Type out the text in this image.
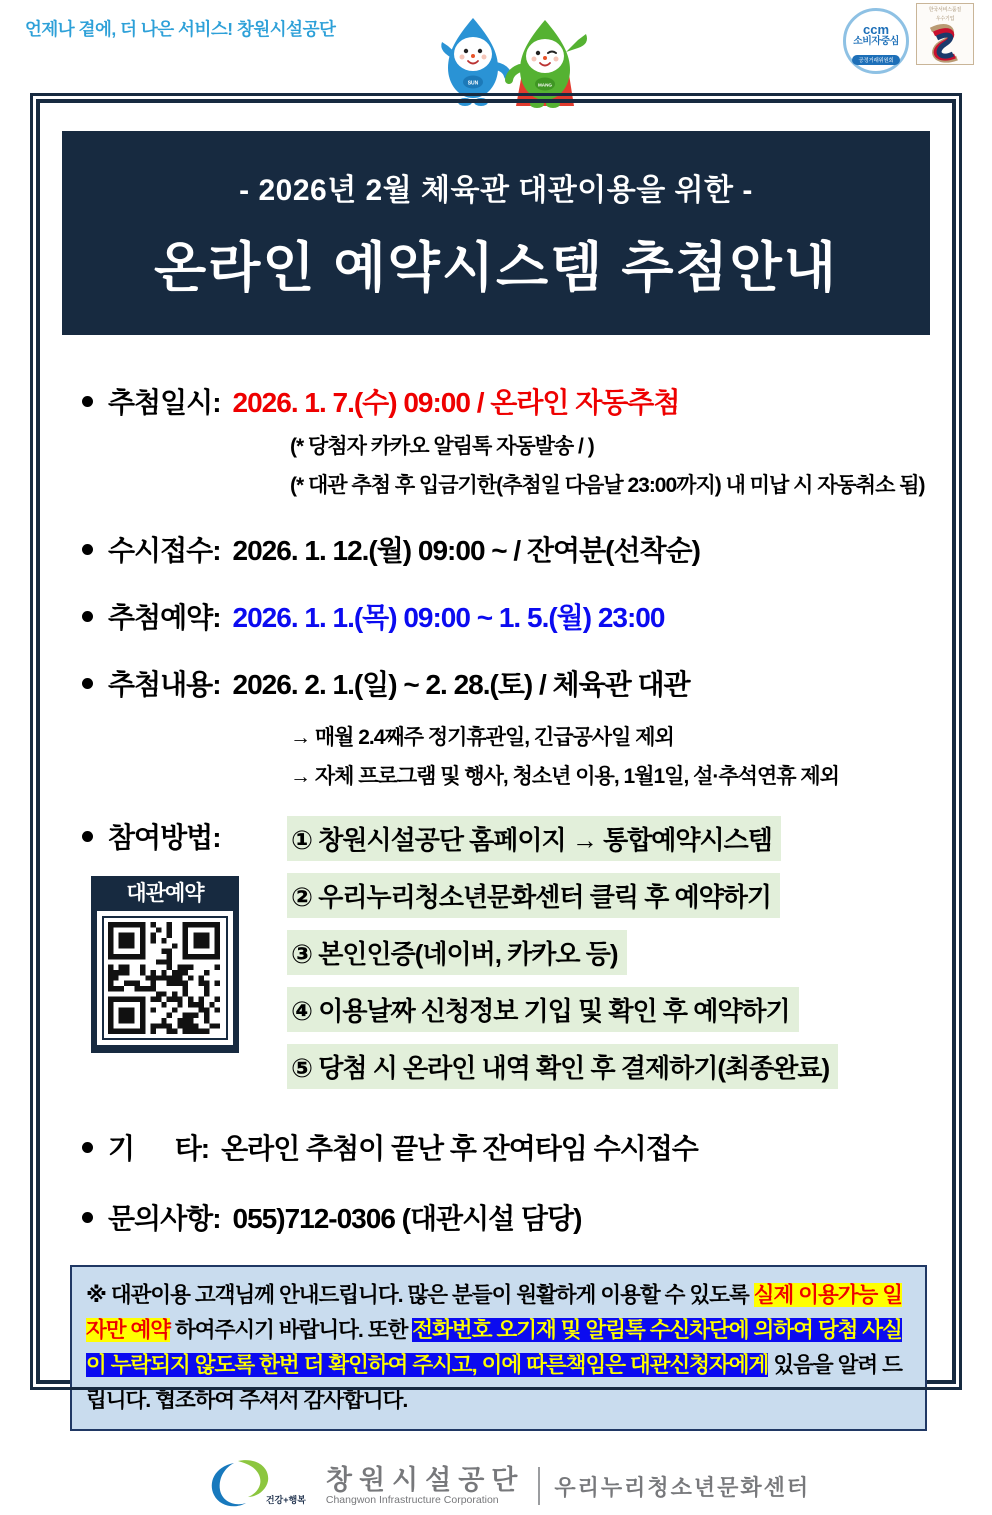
언제나 곁에, 더 나은 서비스! 창원시설공단
SUN	MANG
ccm
소비자중심
공정거래위원회
한국서비스품질
우수기업
- 2026년 2월 체육관 대관이용을 위한 -
온라인 예약시스템 추첨안내
추첨일시: 2026. 1. 7.(수) 09:00 / 온라인 자동추첨
(* 당첨자 카카오 알림톡 자동발송 / )
(* 대관 추첨 후 입금기한(추첨일 다음날 23:00까지) 내 미납 시 자동취소 됨)
수시접수: 2026. 1. 12.(월) 09:00 ~ / 잔여분(선착순)
추첨예약: 2026. 1. 1.(목) 09:00 ~ 1. 5.(월) 23:00
추첨내용: 2026. 2. 1.(일) ~ 2. 28.(토) / 체육관 대관
→ 매월 2.4째주 정기휴관일, 긴급공사일 제외
→ 자체 프로그램 및 행사, 청소년 이용, 1월1일, 설·추석연휴 제외
참여방법:
대관예약
① 창원시설공단 홈페이지 → 통합예약시스템
② 우리누리청소년문화센터 클릭 후 예약하기
③ 본인인증(네이버, 카카오 등)
④ 이용날짜 신청정보 기입 및 확인 후 예약하기
⑤ 당첨 시 온라인 내역 확인 후 결제하기(최종완료)
기      타: 온라인 추첨이 끝난 후 잔여타임 수시접수
문의사항: 055)712-0306 (대관시설 담당)
※ 대관이용 고객님께 안내드립니다. 많은 분들이 원활하게 이용할 수 있도록 실제 이용가능 일자만 예약 하여주시기 바랍니다. 또한 전화번호 오기재 및 알림톡 수신차단에 의하여 당첨 사실이 누락되지 않도록 한번 더 확인하여 주시고, 이에 따른책임은 대관신청자에게 있음을 알려 드립니다. 협조하여 주셔서 감사합니다.
건강+행복
창원시설공단
Changwon Infrastructure Corporation
우리누리청소년문화센터
